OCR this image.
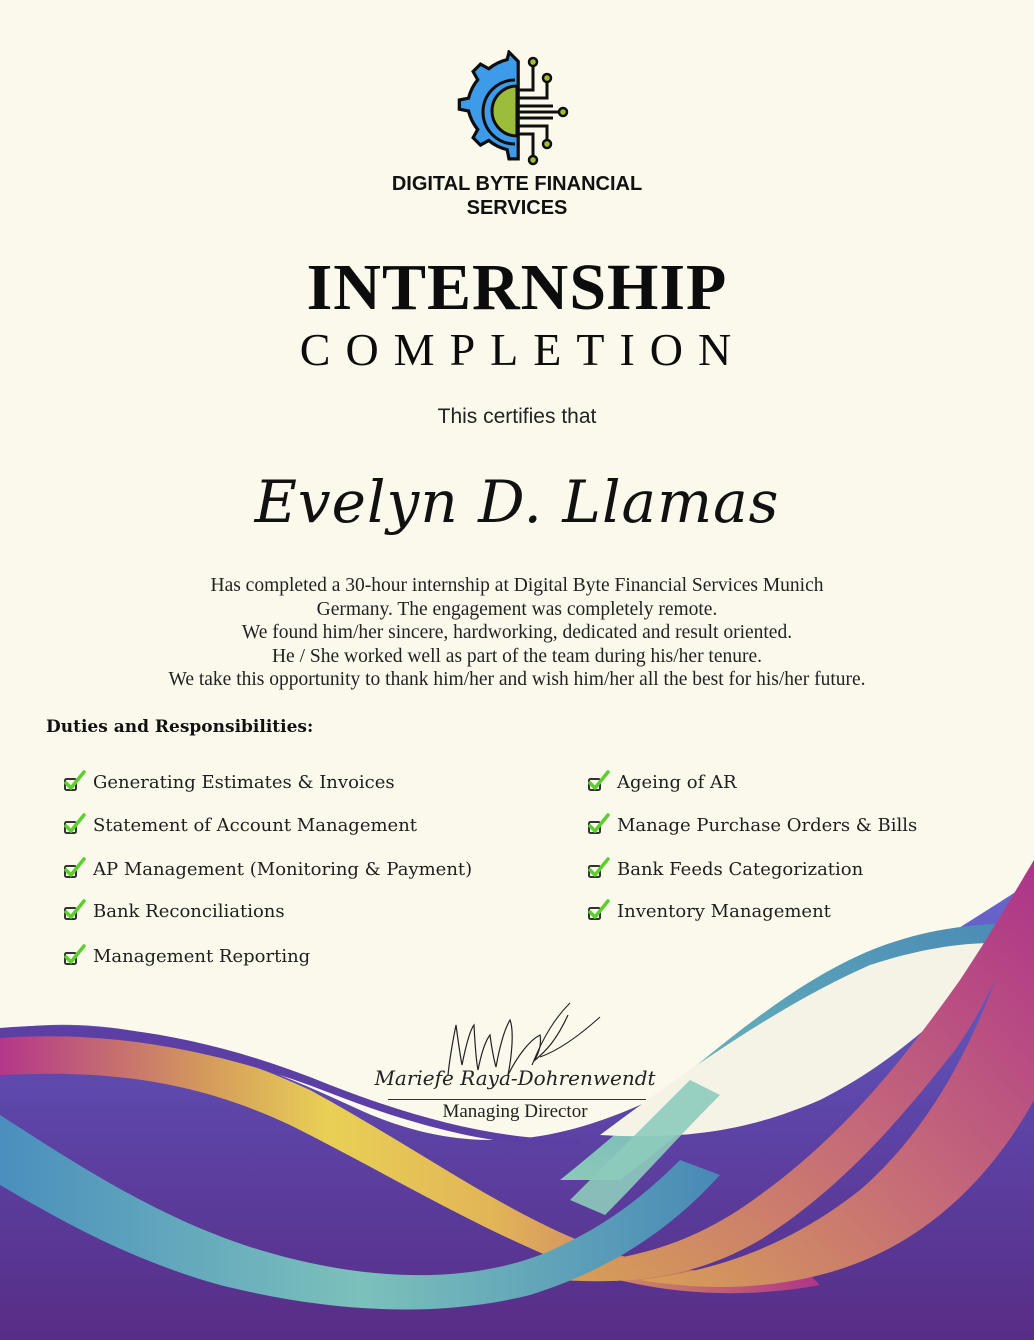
DIGITAL BYTE FINANCIAL
SERVICES
INTERNSHIP
COMPLETION
This certifies that
Evelyn D. Llamas
Has completed a 30-hour internship at Digital Byte Financial Services Munich
Germany. The engagement was completely remote.
We found him/her sincere, hardworking, dedicated and result oriented.
He / She worked well as part of the team during his/her tenure.
We take this opportunity to thank him/her and wish him/her all the best for his/her future.
Duties and Responsibilities:
Generating Estimates & Invoices
Statement of Account Management
AP Management (Monitoring & Payment)
Bank Reconciliations
Management Reporting
Ageing of AR
Manage Purchase Orders & Bills
Bank Feeds Categorization
Inventory Management
Mariefe Raya-Dohrenwendt
Managing Director
